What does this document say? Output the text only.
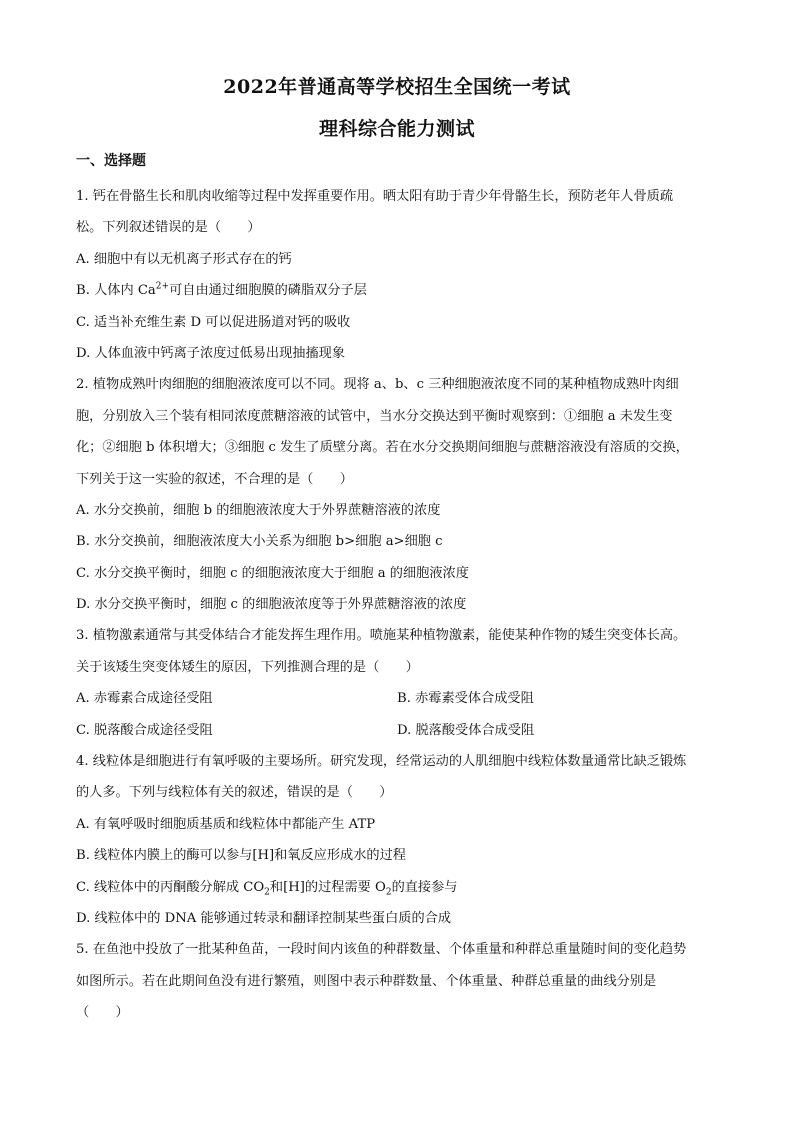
2022年普通高等学校招生全国统一考试
理科综合能力测试
一、选择题
1. 钙在骨骼生长和肌肉收缩等过程中发挥重要作用。晒太阳有助于青少年骨骼生长，预防老年人骨质疏
松。下列叙述错误的是（　　）
A. 细胞中有以无机离子形式存在的钙
B. 人体内 $Ca^{2+}$可自由通过细胞膜的磷脂双分子层
C. 适当补充维生素 D 可以促进肠道对钙的吸收
D. 人体血液中钙离子浓度过低易出现抽搐现象
2. 植物成熟叶肉细胞的细胞液浓度可以不同。现将 a、b、c 三种细胞液浓度不同的某种植物成熟叶肉细
胞，分别放入三个装有相同浓度蔗糖溶液的试管中，当水分交换达到平衡时观察到：①细胞 a 未发生变
化；②细胞 b 体积增大；③细胞 c 发生了质壁分离。若在水分交换期间细胞与蔗糖溶液没有溶质的交换，
下列关于这一实验的叙述，不合理的是（　　）
A. 水分交换前，细胞 b 的细胞液浓度大于外界蔗糖溶液的浓度
B. 水分交换前，细胞液浓度大小关系为细胞 b>细胞 a>细胞 c
C. 水分交换平衡时，细胞 c 的细胞液浓度大于细胞 a 的细胞液浓度
D. 水分交换平衡时，细胞 c 的细胞液浓度等于外界蔗糖溶液的浓度
3. 植物激素通常与其受体结合才能发挥生理作用。喷施某种植物激素，能使某种作物的矮生突变体长高。
关于该矮生突变体矮生的原因，下列推测合理的是（　　）
A. 赤霉素合成途径受阻	B. 赤霉素受体合成受阻
C. 脱落酸合成途径受阻	D. 脱落酸受体合成受阻
4. 线粒体是细胞进行有氧呼吸的主要场所。研究发现，经常运动的人肌细胞中线粒体数量通常比缺乏锻炼
的人多。下列与线粒体有关的叙述，错误的是（　　）
A. 有氧呼吸时细胞质基质和线粒体中都能产生 ATP
B. 线粒体内膜上的酶可以参与[H]和氧反应形成水的过程
C. 线粒体中的丙酮酸分解成 $CO_2$和[H]的过程需要 $O_2$的直接参与
D. 线粒体中的 DNA 能够通过转录和翻译控制某些蛋白质的合成
5. 在鱼池中投放了一批某种鱼苗，一段时间内该鱼的种群数量、个体重量和种群总重量随时间的变化趋势
如图所示。若在此期间鱼没有进行繁殖，则图中表示种群数量、个体重量、种群总重量的曲线分别是
（　　）
